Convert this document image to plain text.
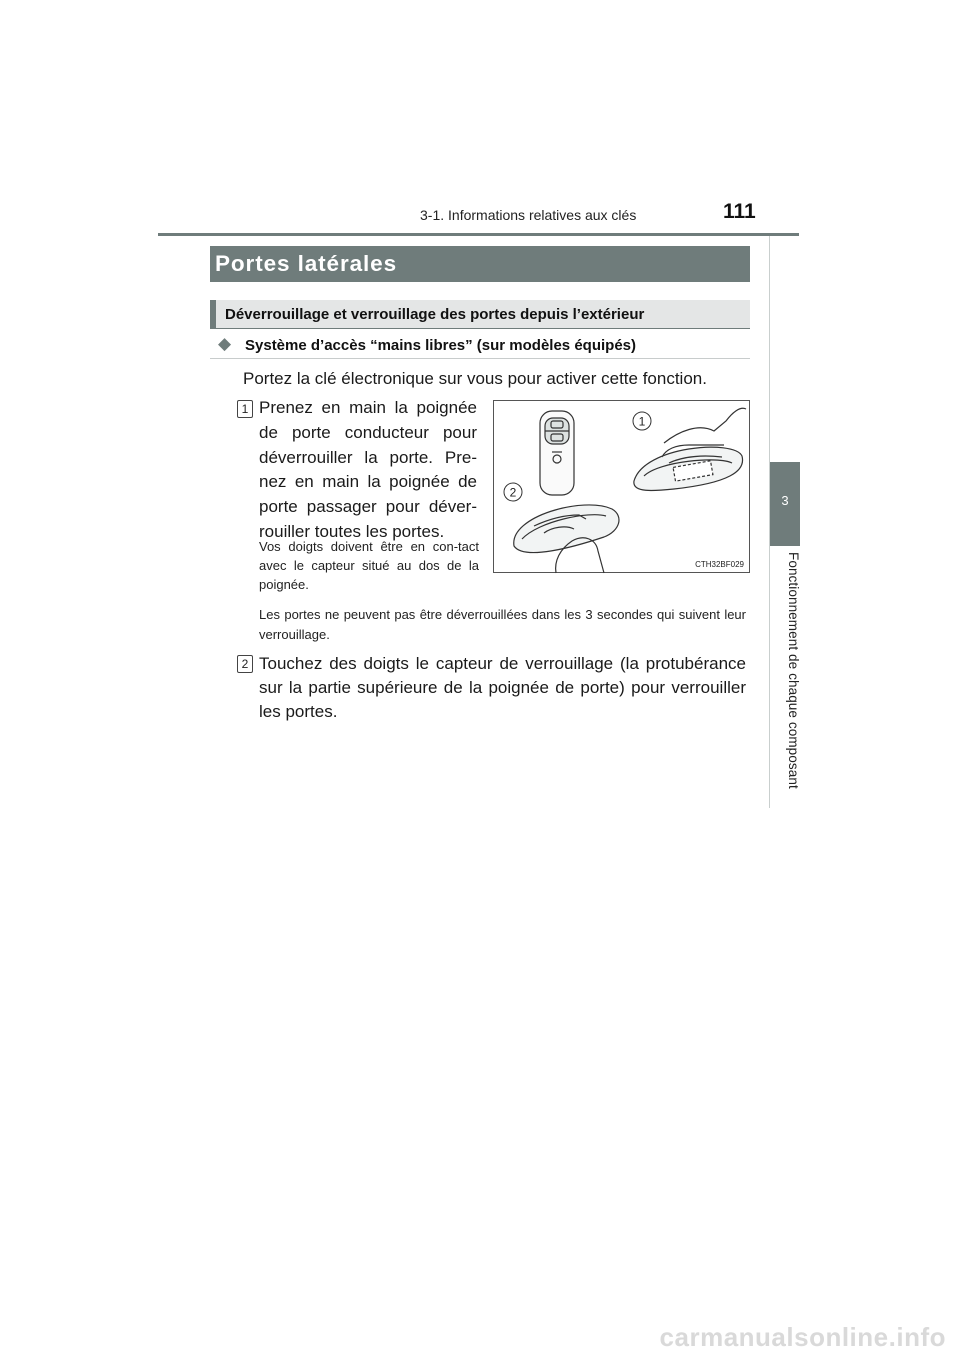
3-1. Informations relatives aux clés	111
3
Fonctionnement de chaque composant
Portes latérales
Déverrouillage et verrouillage des portes depuis l’extérieur
◆ Système d’accès “mains libres” (sur modèles équipés)
Portez la clé électronique sur vous pour activer cette fonction.
1 Prenez en main la poignée de porte conducteur pour déverrouiller la porte. Pre-nez en main la poignée de porte passager pour déver-rouiller toutes les portes.
Vos doigts doivent être en con-tact avec le capteur situé au dos de la poignée.
Les portes ne peuvent pas être déverrouillées dans les 3 secondes qui suivent leur verrouillage.
2 Touchez des doigts le capteur de verrouillage (la protubérance sur la partie supérieure de la poignée de porte) pour verrouiller les portes.
1
2
CTH32BF029
carmanualsonline.info
